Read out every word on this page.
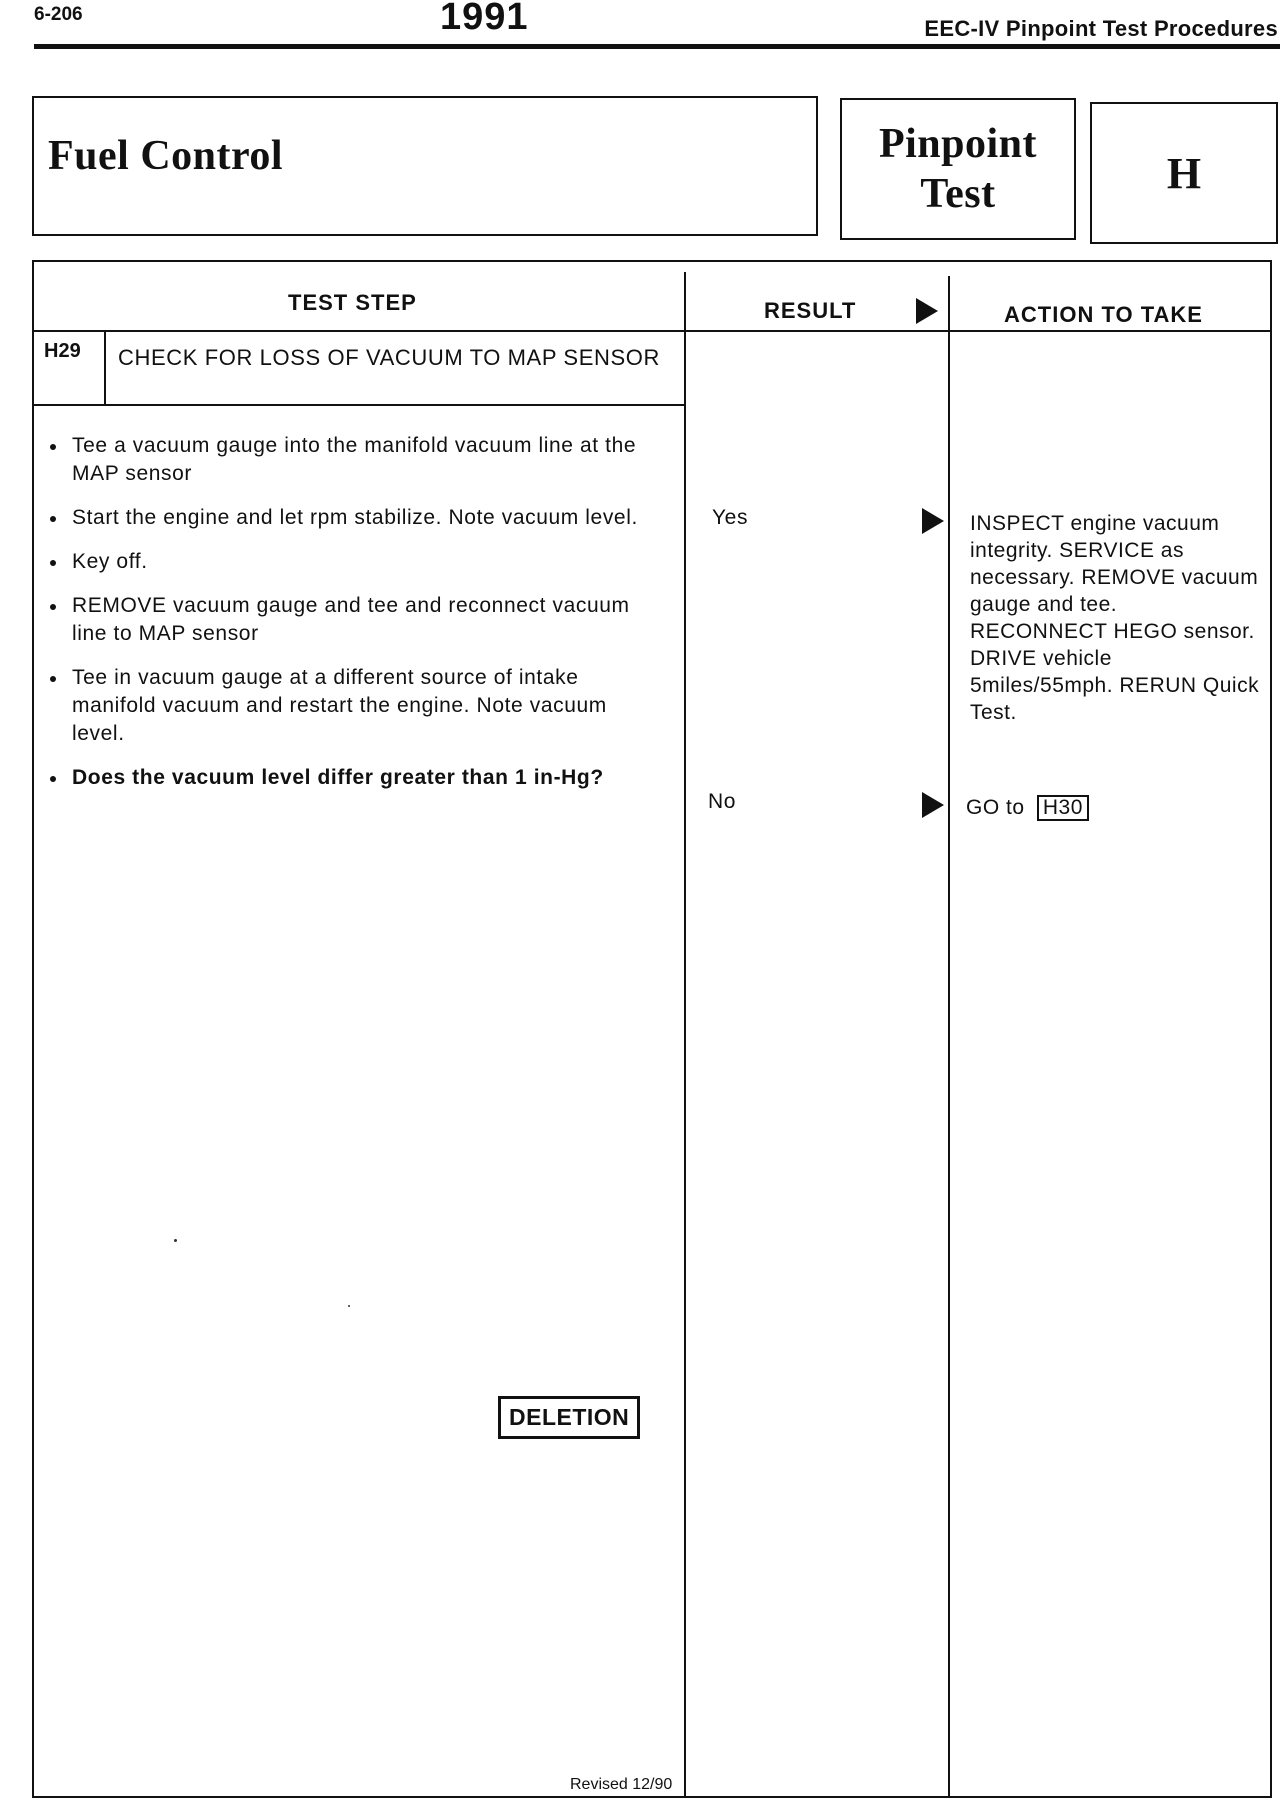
6-206	1991	EEC-IV Pinpoint Test Procedures
Fuel Control	Pinpoint
Test	H
TEST STEP	RESULT	ACTION TO TAKE
H29 CHECK FOR LOSS OF VACUUM TO MAP SENSOR
Tee a vacuum gauge into the manifold vacuum line at the MAP sensor
Start the engine and let rpm stabilize. Note vacuum level.
Key off.
REMOVE vacuum gauge and tee and reconnect vacuum line to MAP sensor
Tee in vacuum gauge at a different source of intake manifold vacuum and restart the engine. Note vacuum level.
Does the vacuum level differ greater than 1 in-Hg?
Yes	INSPECT engine vacuum integrity. SERVICE as necessary. REMOVE vacuum gauge and tee. RECONNECT HEGO sensor. DRIVE vehicle 5miles/55mph. RERUN Quick Test.
No	GO to H30
DELETION
Revised 12/90
